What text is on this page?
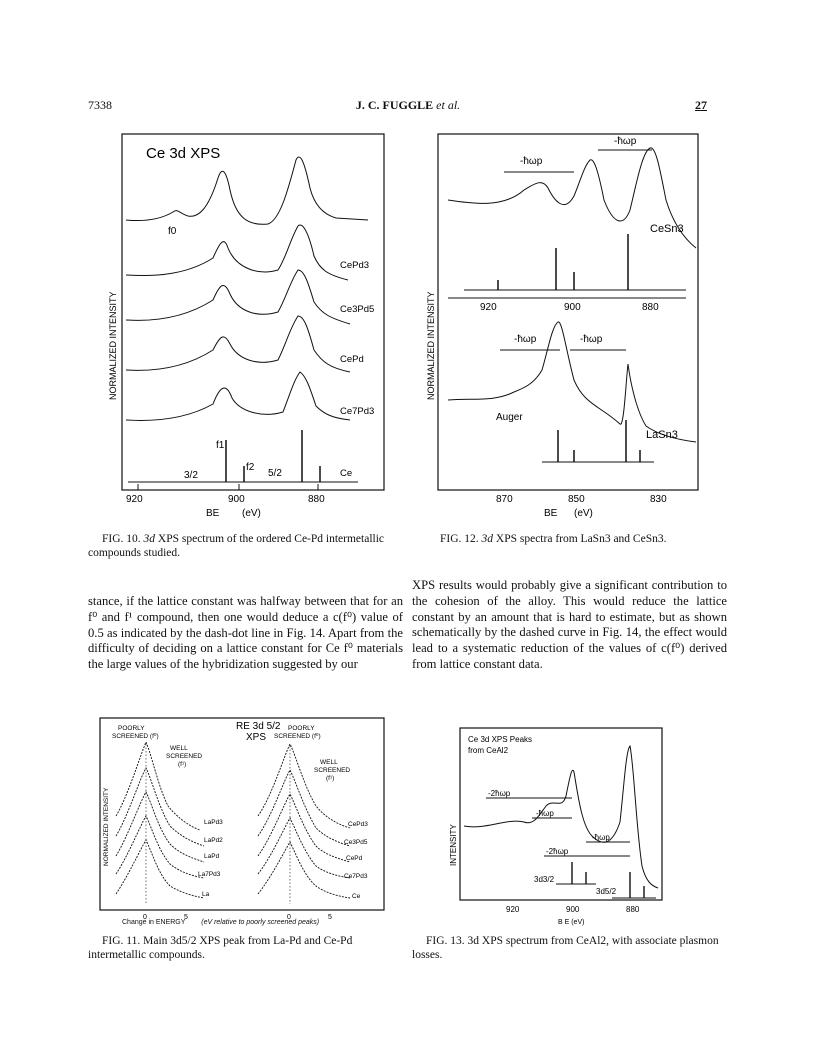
7338	J. C. FUGGLE et al.	27
Ce 3d XPS
NORMALIZED INTENSITY
f1
f2
f0
3/2	5/2
CePd3
Ce3Pd5
CePd
Ce7Pd3
Ce
920	900	880
BE (eV)
FIG. 10. 3d XPS spectrum of the ordered Ce-Pd intermetallic compounds studied.
NORMALIZED INTENSITY
-ħωp
-ħωp
CeSn3
920	900	880
-ħωp	-ħωp
Auger
LaSn3
870	850	830
BE (eV)
FIG. 12. 3d XPS spectra from LaSn3 and CeSn3.

stance, if the lattice constant was halfway between that for an f⁰ and f¹ compound, then one would deduce a c(f⁰) value of 0.5 as indicated by the dash-dot line in Fig. 14. Apart from the difficulty of deciding on a lattice constant for Ce f⁰ materials the large values of the hybridization suggested by our

XPS results would probably give a significant contribution to the cohesion of the alloy. This would reduce the lattice constant by an amount that is hard to estimate, but as shown schematically by the dashed curve in Fig. 14, the effect would lead to a systematic reduction of the values of c(f⁰) derived from lattice constant data.

RE 3d 5/2
XPS
POORLY
SCREENED (f⁰)
POORLY
SCREENED (f⁰)
WELL
SCREENED
(f¹)	WELL
SCREENED
(f¹)
NORMALIZED INTENSITY	LaPd3
LaPd2
LaPd
La7Pd3
La
CePd3
Ce3Pd5
CePd
Ce7Pd3
Ce
0	5	0	5
Change in ENERGY (eV relative to poorly screened peaks)
FIG. 11. Main 3d5/2 XPS peak from La-Pd and Ce-Pd intermetallic compounds.
Ce 3d XPS Peaks
from CeAl2
INTENSITY
-2ħωp
-ħωp
-ħωp
-2ħωp
3d3/2
3d5/2
920	900	880
B E (eV)
FIG. 13. 3d XPS spectrum from CeAl2, with associate plasmon losses.
